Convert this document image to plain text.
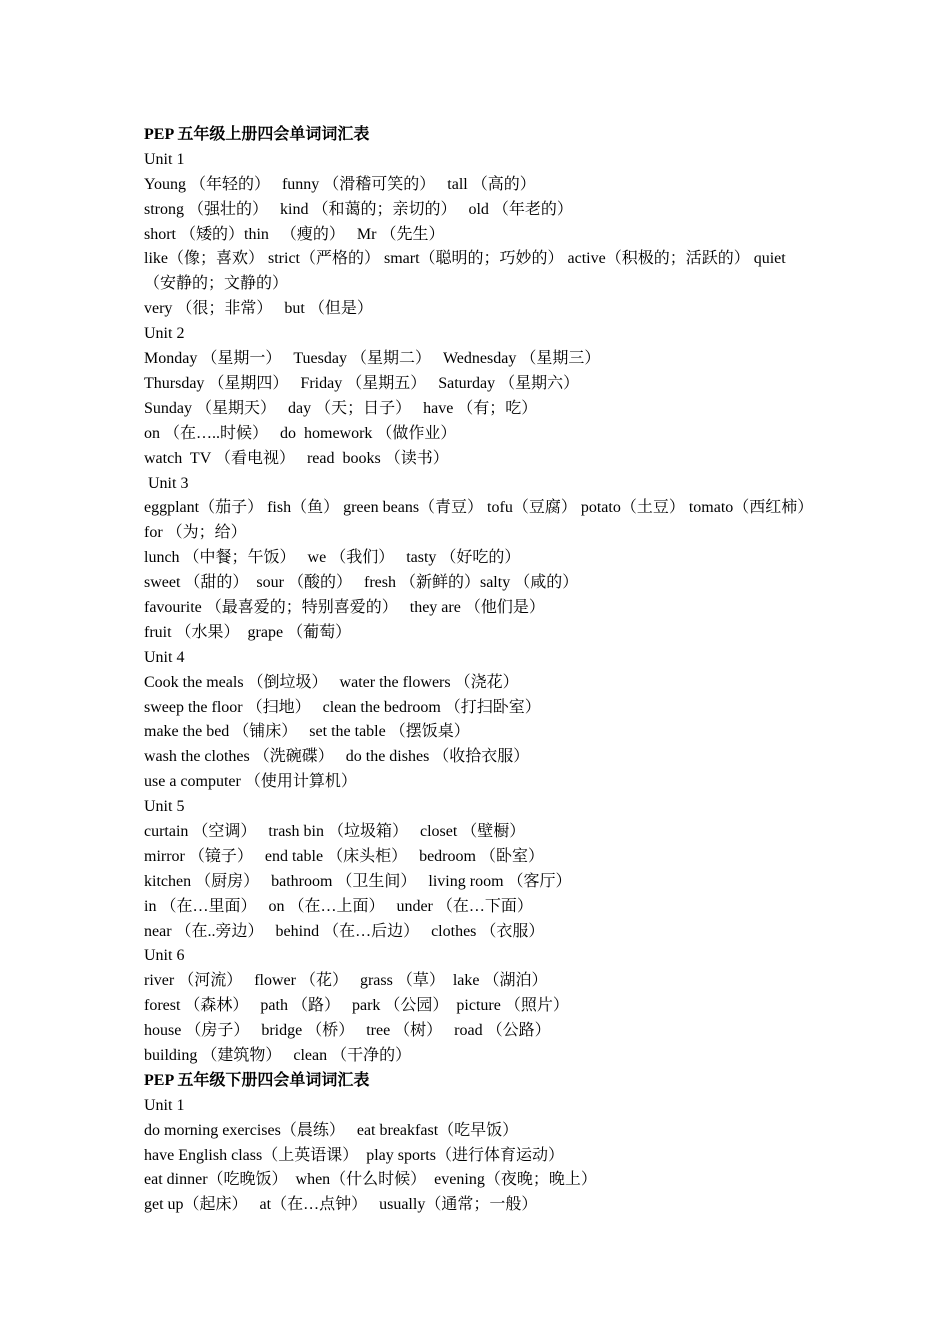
PEP 五年级上册四会单词词汇表
Unit 1
Young （年轻的）   funny （滑稽可笑的）   tall （高的）
strong （强壮的）   kind （和蔼的；亲切的）   old （年老的）
short （矮的）thin   （瘦的）   Mr （先生）
like（像；喜欢） strict（严格的） smart（聪明的；巧妙的） active（积极的；活跃的） quiet（安静的；文静的）
very （很；非常）   but （但是）
Unit 2
Monday （星期一）   Tuesday （星期二）   Wednesday （星期三）
Thursday （星期四）   Friday （星期五）   Saturday （星期六）
Sunday （星期天）   day （天；日子）   have （有；吃）
on （在…..时候）   do  homework （做作业）
watch  TV （看电视）   read  books （读书）
Unit 3
eggplant（茄子） fish（鱼） green beans（青豆） tofu（豆腐） potato（土豆） tomato（西红柿） for （为；给）
lunch （中餐；午饭）   we （我们）   tasty （好吃的）
sweet （甜的）  sour （酸的）   fresh （新鲜的）salty （咸的）
favourite （最喜爱的；特别喜爱的）   they are （他们是）
fruit （水果）  grape （葡萄）
Unit 4
Cook the meals （倒垃圾）   water the flowers （浇花）
sweep the floor （扫地）   clean the bedroom （打扫卧室）
make the bed （铺床）   set the table （摆饭桌）
wash the clothes （洗碗碟）   do the dishes （收拾衣服）
use a computer （使用计算机）
Unit 5
curtain （空调）   trash bin （垃圾箱）   closet （壁橱）
mirror （镜子）   end table （床头柜）   bedroom （卧室）
kitchen （厨房）   bathroom （卫生间）   living room （客厅）
in （在…里面）   on （在…上面）   under （在…下面）
near （在..旁边）   behind （在…后边）   clothes （衣服）
Unit 6
river （河流）   flower （花）   grass （草）  lake （湖泊）
forest （森林）   path （路）   park （公园）  picture （照片）
house （房子）   bridge （桥）   tree （树）   road （公路）
building （建筑物）   clean （干净的）
PEP 五年级下册四会单词词汇表
Unit 1
do morning exercises（晨练）   eat breakfast（吃早饭）
have English class（上英语课）  play sports（进行体育运动）
eat dinner（吃晚饭）  when（什么时候）  evening（夜晚；晚上）
get up（起床）   at（在…点钟）   usually（通常；一般）
